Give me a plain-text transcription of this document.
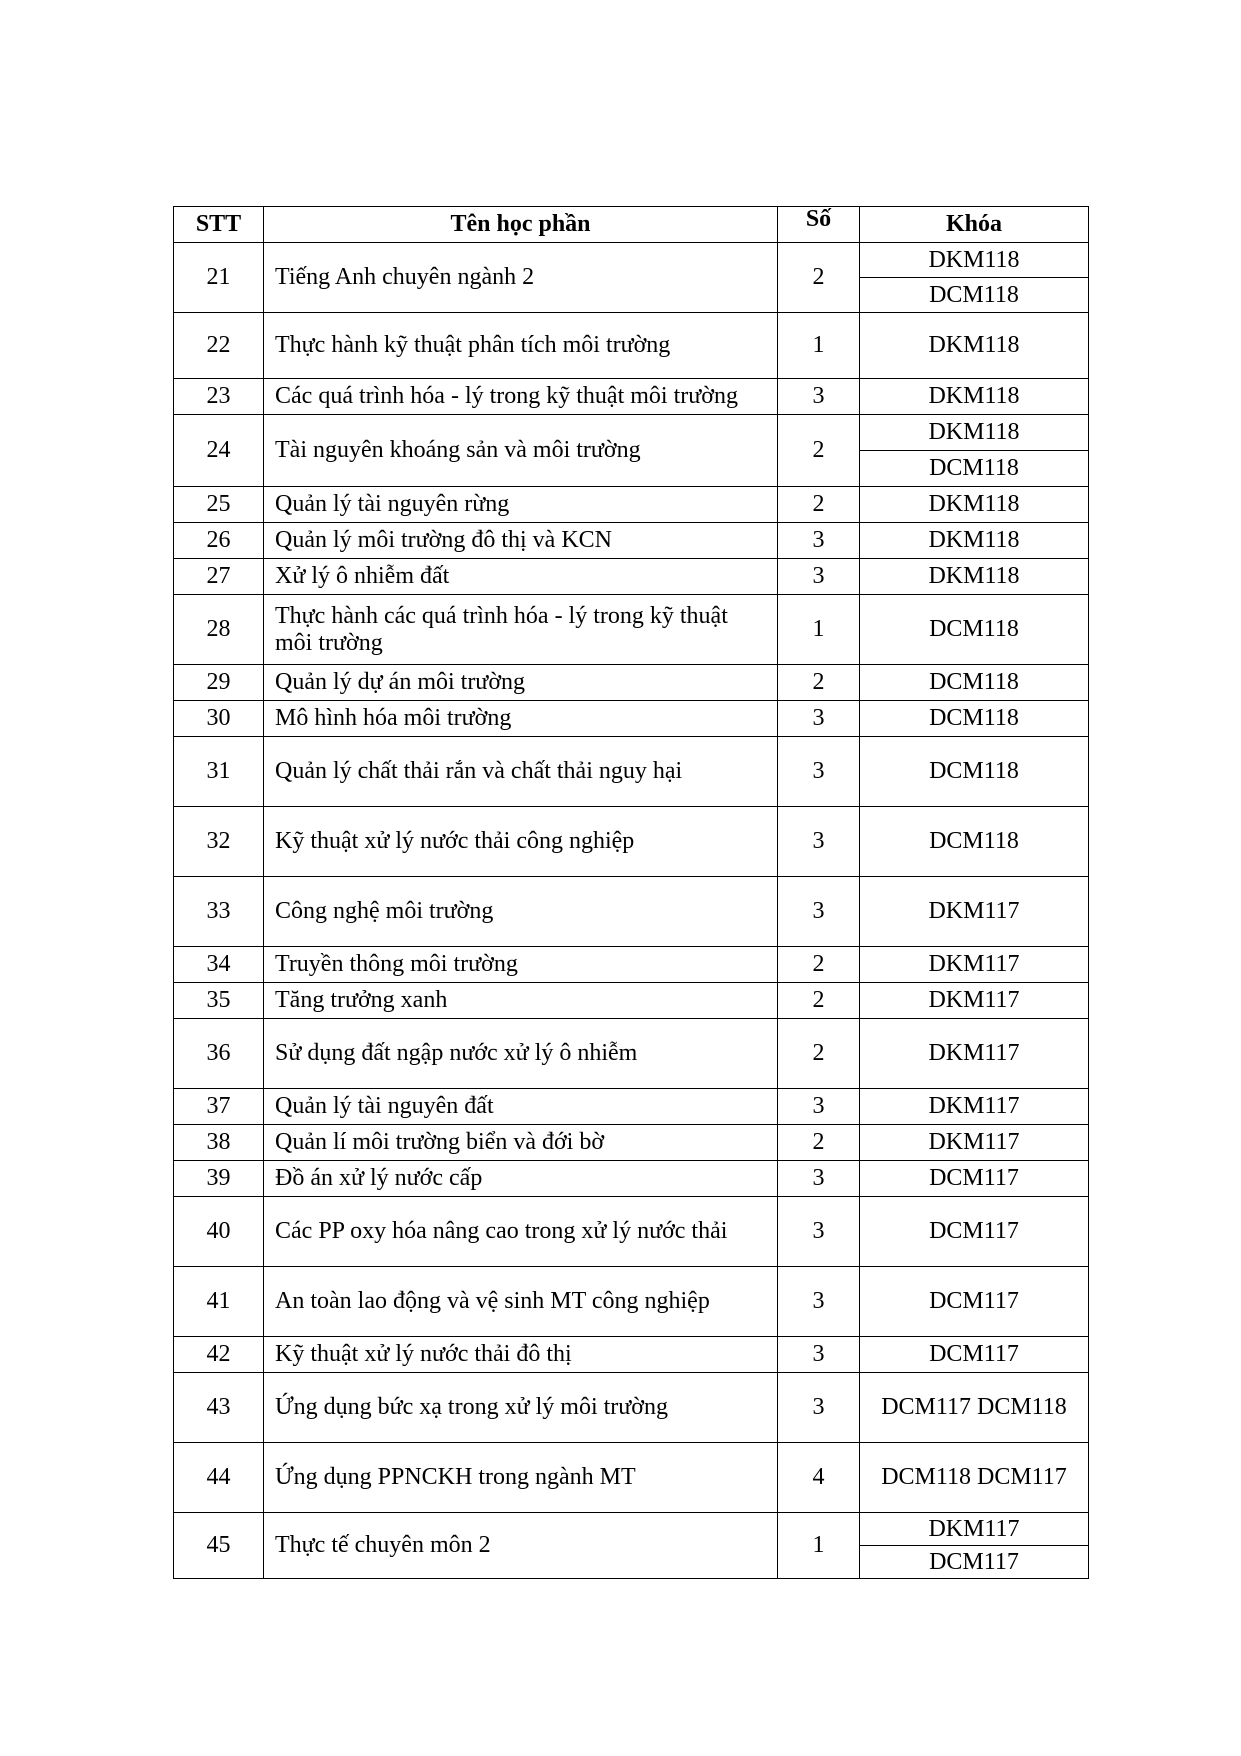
STT	Tên học phần	Số	Khóa
21	Tiếng Anh chuyên ngành 2	2	DKM118
			DCM118
22	Thực hành kỹ thuật phân tích môi trường	1	DKM118
23	Các quá trình hóa - lý trong kỹ thuật môi trường	3	DKM118
24	Tài nguyên khoáng sản và môi trường	2	DKM118
			DCM118
25	Quản lý tài nguyên rừng	2	DKM118
26	Quản lý môi trường đô thị và KCN	3	DKM118
27	Xử lý ô nhiễm đất	3	DKM118
28	Thực hành các quá trình hóa - lý trong kỹ thuật môi trường	1	DCM118
29	Quản lý dự án môi trường	2	DCM118
30	Mô hình hóa môi trường	3	DCM118
31	Quản lý chất thải rắn và chất thải nguy hại	3	DCM118
32	Kỹ thuật xử lý nước thải công nghiệp	3	DCM118
33	Công nghệ môi trường	3	DKM117
34	Truyền thông môi trường	2	DKM117
35	Tăng trưởng xanh	2	DKM117
36	Sử dụng đất ngập nước xử lý ô nhiễm	2	DKM117
37	Quản lý tài nguyên đất	3	DKM117
38	Quản lí môi trường biển và đới bờ	2	DKM117
39	Đồ án xử lý nước cấp	3	DCM117
40	Các PP oxy hóa nâng cao trong xử lý nước thải	3	DCM117
41	An toàn lao động và vệ sinh MT công nghiệp	3	DCM117
42	Kỹ thuật xử lý nước thải đô thị	3	DCM117
43	Ứng dụng bức xạ trong xử lý môi trường	3	DCM117 DCM118
44	Ứng dụng PPNCKH trong ngành MT	4	DCM118 DCM117
45	Thực tế chuyên môn 2	1	DKM117
			DCM117
